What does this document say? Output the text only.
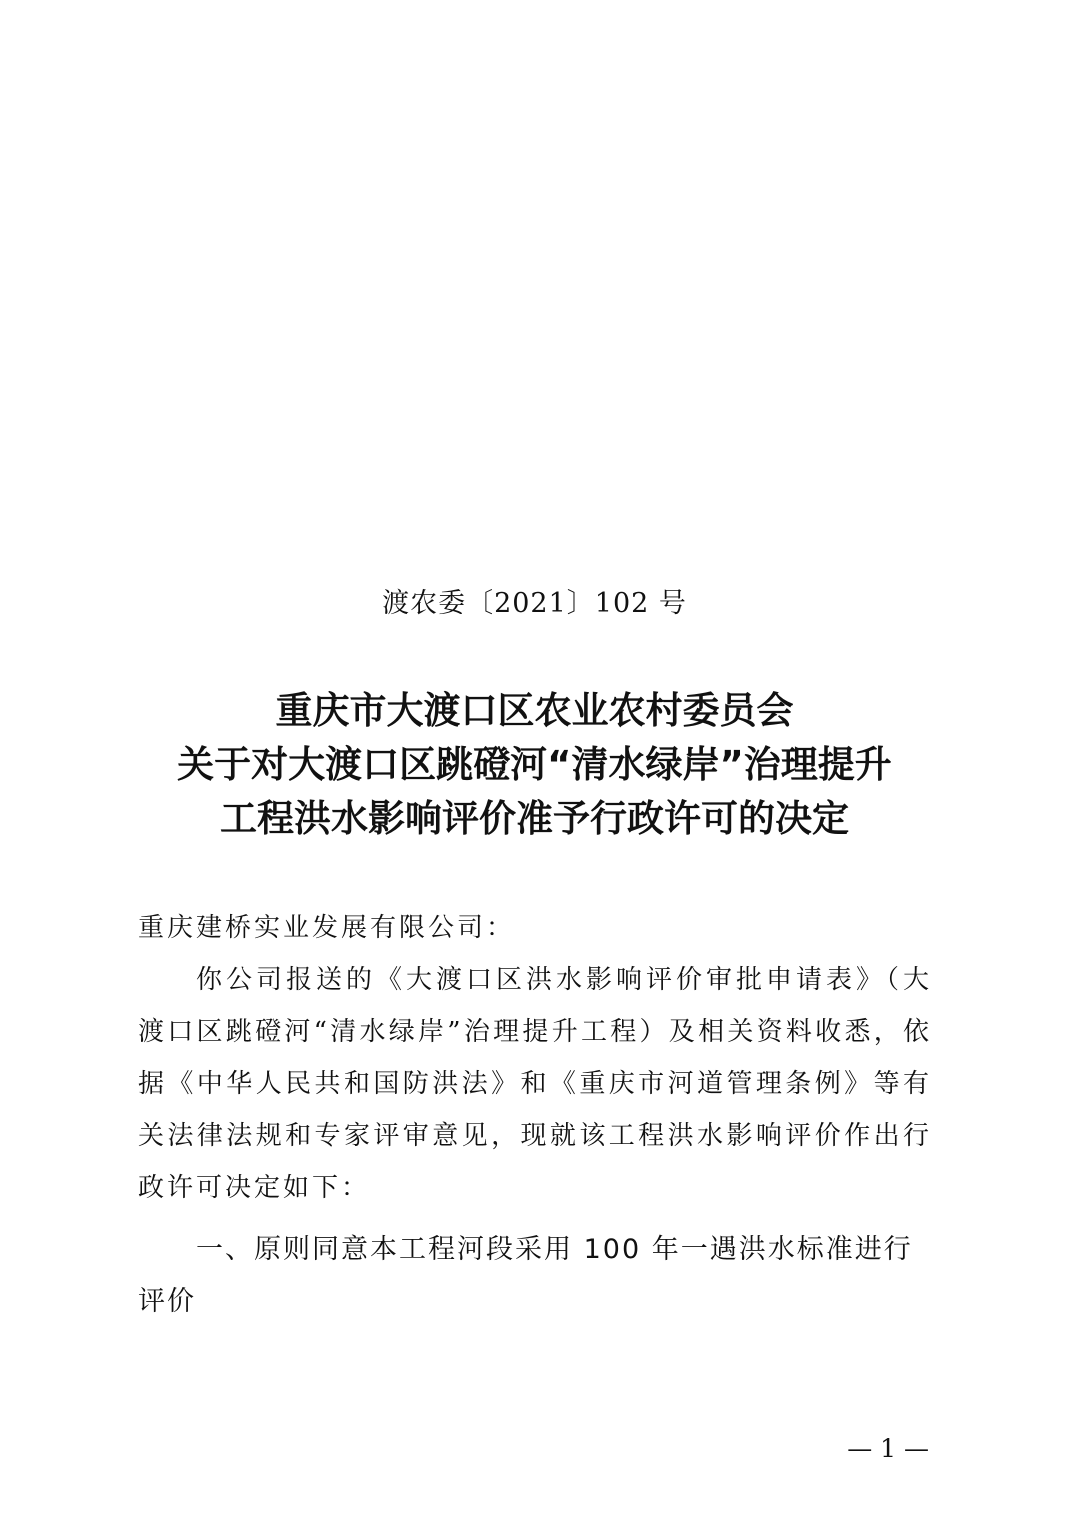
渡农委〔2021〕102 号
重庆市大渡口区农业农村委员会
关于对大渡口区跳磴河“清水绿岸”治理提升
工程洪水影响评价准予行政许可的决定
重庆建桥实业发展有限公司：
你公司报送的《大渡口区洪水影响评价审批申请表》（大渡口区跳磴河“清水绿岸”治理提升工程）及相关资料收悉，依据《中华人民共和国防洪法》和《重庆市河道管理条例》等有关法律法规和专家评审意见，现就该工程洪水影响评价作出行政许可决定如下：
一、原则同意本工程河段采用 100 年一遇洪水标准进行评价
— 1 —
